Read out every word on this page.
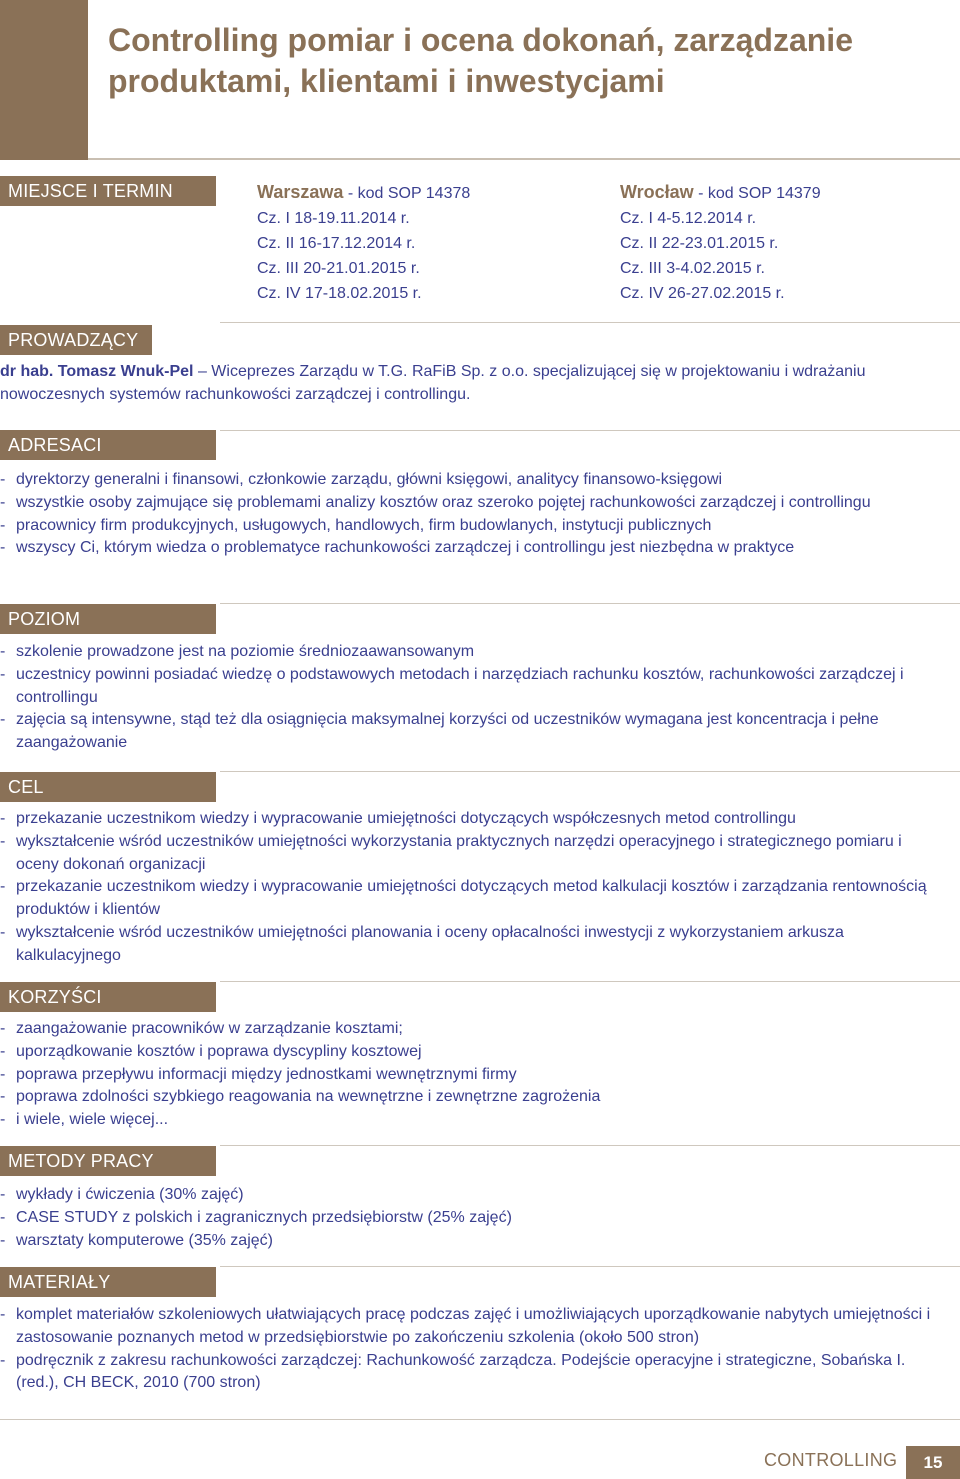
Controlling pomiar i ocena dokonań, zarządzanie produktami, klientami i inwestycjami
MIEJSCE I TERMIN	Warszawa - kod SOP 14378
Cz. I 18-19.11.2014 r.
Cz. II 16-17.12.2014 r.
Cz. III 20-21.01.2015 r.
Cz. IV 17-18.02.2015 r.
Wrocław - kod SOP 14379
Cz. I 4-5.12.2014 r.
Cz. II 22-23.01.2015 r.
Cz. III 3-4.02.2015 r.
Cz. IV 26-27.02.2015 r.
PROWADZĄCY

dr hab. Tomasz Wnuk-Pel – Wiceprezes Zarządu w T.G. RaFiB Sp. z o.o. specjalizującej się w projektowaniu i wdrażaniu nowoczesnych systemów rachunkowości zarządczej i controllingu.

ADRESACI
- dyrektorzy generalni i finansowi, członkowie zarządu, główni księgowi, analitycy finansowo-księgowi
- wszystkie osoby zajmujące się problemami analizy kosztów oraz szeroko pojętej rachunkowości zarządczej i controllingu
- pracownicy firm produkcyjnych, usługowych, handlowych, firm budowlanych, instytucji publicznych
- wszyscy Ci, którym wiedza o problematyce rachunkowości zarządczej i controllingu jest niezbędna w praktyce
POZIOM
- szkolenie prowadzone jest na poziomie średniozaawansowanym
- uczestnicy powinni posiadać wiedzę o podstawowych metodach i narzędziach rachunku kosztów, rachunkowości zarządczej i controllingu
- zajęcia są intensywne, stąd też dla osiągnięcia maksymalnej korzyści od uczestników wymagana jest koncentracja i pełne zaangażowanie
CEL
- przekazanie uczestnikom wiedzy i wypracowanie umiejętności dotyczących współczesnych metod controllingu
- wykształcenie wśród uczestników umiejętności wykorzystania praktycznych narzędzi operacyjnego i strategicznego pomiaru i oceny dokonań organizacji
- przekazanie uczestnikom wiedzy i wypracowanie umiejętności dotyczących metod kalkulacji kosztów i zarządzania rentownością produktów i klientów
- wykształcenie wśród uczestników umiejętności planowania i oceny opłacalności inwestycji z wykorzystaniem arkusza kalkulacyjnego
KORZYŚCI
- zaangażowanie pracowników w zarządzanie kosztami;
- uporządkowanie kosztów i poprawa dyscypliny kosztowej
- poprawa przepływu informacji między jednostkami wewnętrznymi firmy
- poprawa zdolności szybkiego reagowania na wewnętrzne i zewnętrzne zagrożenia
- i wiele, wiele więcej...
METODY PRACY
- wykłady i ćwiczenia (30% zajęć)
- CASE STUDY z polskich i zagranicznych przedsiębiorstw (25% zajęć)
- warsztaty komputerowe (35% zajęć)
MATERIAŁY
- komplet materiałów szkoleniowych ułatwiających pracę podczas zajęć i umożliwiających uporządkowanie nabytych umiejętności i zastosowanie poznanych metod w przedsiębiorstwie po zakończeniu szkolenia (około 500 stron)
- podręcznik z zakresu rachunkowości zarządczej: Rachunkowość zarządcza. Podejście operacyjne i strategiczne, Sobańska I. (red.), CH BECK, 2010 (700 stron)
CONTROLLING	15
